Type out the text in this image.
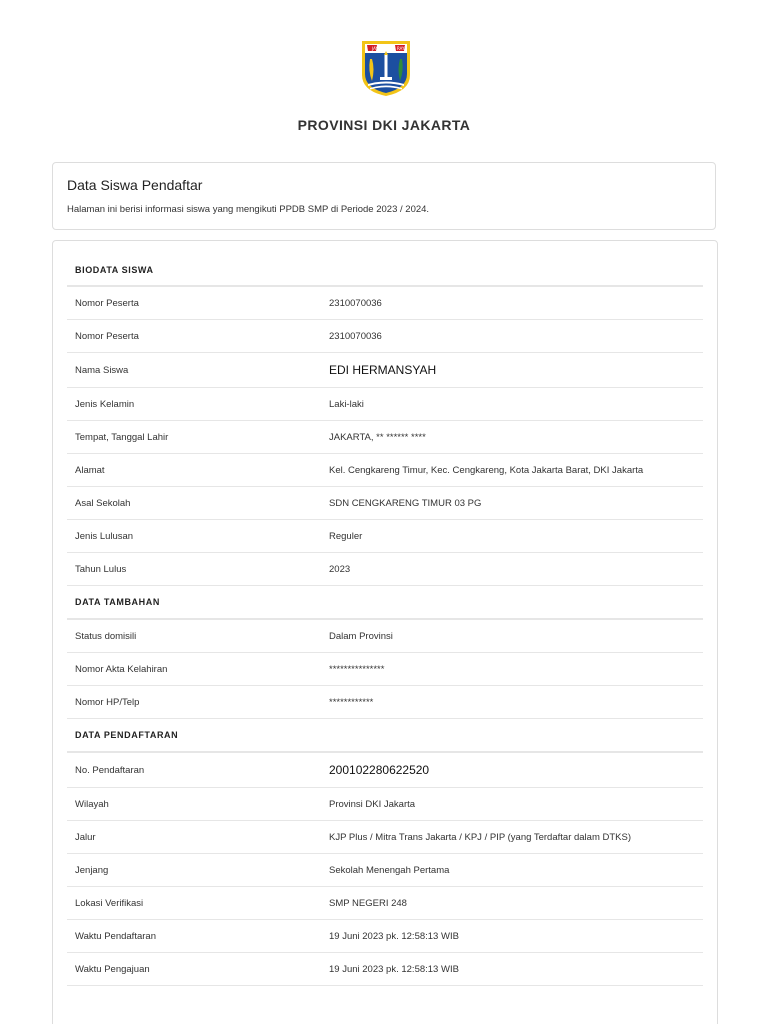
JAYA	RAYA
PROVINSI DKI JAKARTA
Data Siswa Pendaftar
Halaman ini berisi informasi siswa yang mengikuti PPDB SMP di Periode 2023 / 2024.
BIODATA SISWA	
Nomor Peserta	2310070036
Nomor Peserta	2310070036
Nama Siswa	EDI HERMANSYAH
Jenis Kelamin	Laki-laki
Tempat, Tanggal Lahir	JAKARTA, ** ****** ****
Alamat	Kel. Cengkareng Timur, Kec. Cengkareng, Kota Jakarta Barat, DKI Jakarta
Asal Sekolah	SDN CENGKARENG TIMUR 03 PG
Jenis Lulusan	Reguler
Tahun Lulus	2023
DATA TAMBAHAN	
Status domisili	Dalam Provinsi
Nomor Akta Kelahiran	***************
Nomor HP/Telp	************
DATA PENDAFTARAN	
No. Pendaftaran	200102280622520
Wilayah	Provinsi DKI Jakarta
Jalur	KJP Plus / Mitra Trans Jakarta / KPJ / PIP (yang Terdaftar dalam DTKS)
Jenjang	Sekolah Menengah Pertama
Lokasi Verifikasi	SMP NEGERI 248
Waktu Pendaftaran	19 Juni 2023 pk. 12:58:13 WIB
Waktu Pengajuan	19 Juni 2023 pk. 12:58:13 WIB
